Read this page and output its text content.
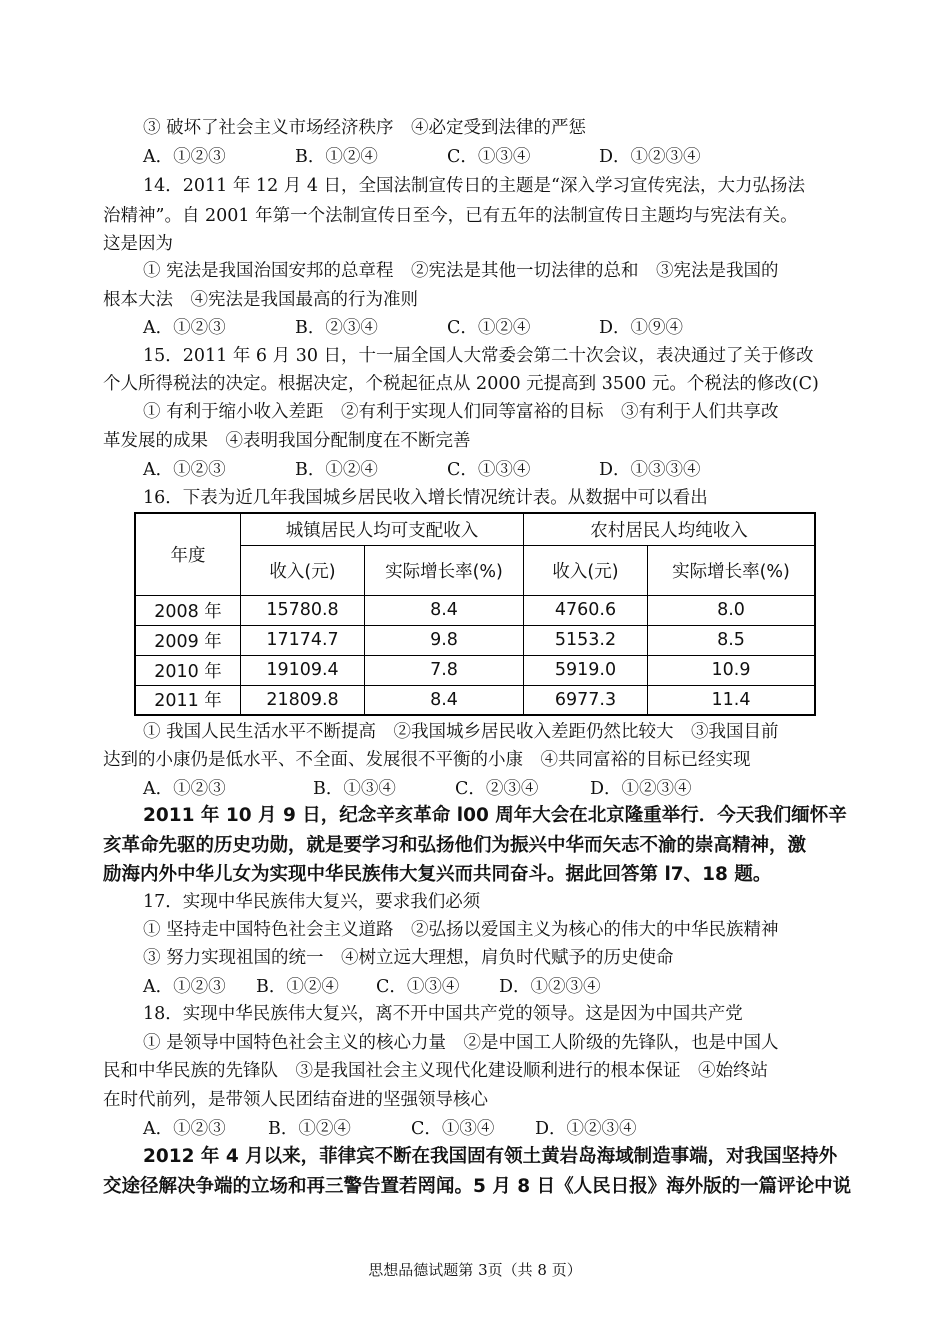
③ 破坏了社会主义市场经济秩序　④必定受到法律的严惩
A．①②③	B．①②④	C．①③④	D．①②③④
14．2011 年 12 月 4 日，全国法制宣传日的主题是“深入学习宣传宪法，大力弘扬法
治精神”。自 2001 年第一个法制宣传日至今，已有五年的法制宣传日主题均与宪法有关。
这是因为
① 宪法是我国治国安邦的总章程　②宪法是其他一切法律的总和　③宪法是我国的
根本大法　④宪法是我国最高的行为准则
A．①②③	B．②③④	C．①②④	D．①⑨④
15．2011 年 6 月 30 日，十一届全国人大常委会第二十次会议，表决通过了关于修改
个人所得税法的决定。根据决定，个税起征点从 2000 元提高到 3500 元。个税法的修改(C)
① 有利于缩小收入差距　②有利于实现人们同等富裕的目标　③有利于人们共享改
革发展的成果　④表明我国分配制度在不断完善
A．①②③	B．①②④	C．①③④	D．①③③④
16．下表为近几年我国城乡居民收入增长情况统计表。从数据中可以看出
年度	城镇居民人均可支配收入		农村居民人均纯收入	
	收入(元)	实际增长率(%)	收入(元)	实际增长率(%)
2008 年	15780.8	8.4	4760.6	8.0
2009 年	17174.7	9.8	5153.2	8.5
2010 年	19109.4	7.8	5919.0	10.9
2011 年	21809.8	8.4	6977.3	11.4
① 我国人民生活水平不断提高　②我国城乡居民收入差距仍然比较大　③我国目前
达到的小康仍是低水平、不全面、发展很不平衡的小康　④共同富裕的目标已经实现
A．①②③	B．①③④	C．②③④	D．①②③④
2011 年 10 月 9 日，纪念辛亥革命 l00 周年大会在北京隆重举行．今天我们缅怀辛
亥革命先驱的历史功勋，就是要学习和弘扬他们为振兴中华而矢志不渝的崇高精神，激
励海内外中华儿女为实现中华民族伟大复兴而共同奋斗。据此回答第 l7、18 题。
17．实现中华民族伟大复兴，要求我们必须
① 坚持走中国特色社会主义道路　②弘扬以爱国主义为核心的伟大的中华民族精神
③ 努力实现祖国的统一　④树立远大理想，肩负时代赋予的历史使命
A．①②③ B．①②④ C．①③④ D．①②③④
18．实现中华民族伟大复兴，离不开中国共产党的领导。这是因为中国共产党
① 是领导中国特色社会主义的核心力量　②是中国工人阶级的先锋队，也是中国人
民和中华民族的先锋队　③是我国社会主义现代化建设顺利进行的根本保证　④始终站
在时代前列，是带领人民团结奋进的坚强领导核心
A．①②③ B．①②④	C．①③④ D．①②③④
2012 年 4 月以来，菲律宾不断在我国固有领土黄岩岛海域制造事端，对我国坚持外
交途径解决争端的立场和再三警告置若罔闻。5 月 8 日《人民日报》海外版的一篇评论中说
思想品德试题第 3页（共 8 页）
